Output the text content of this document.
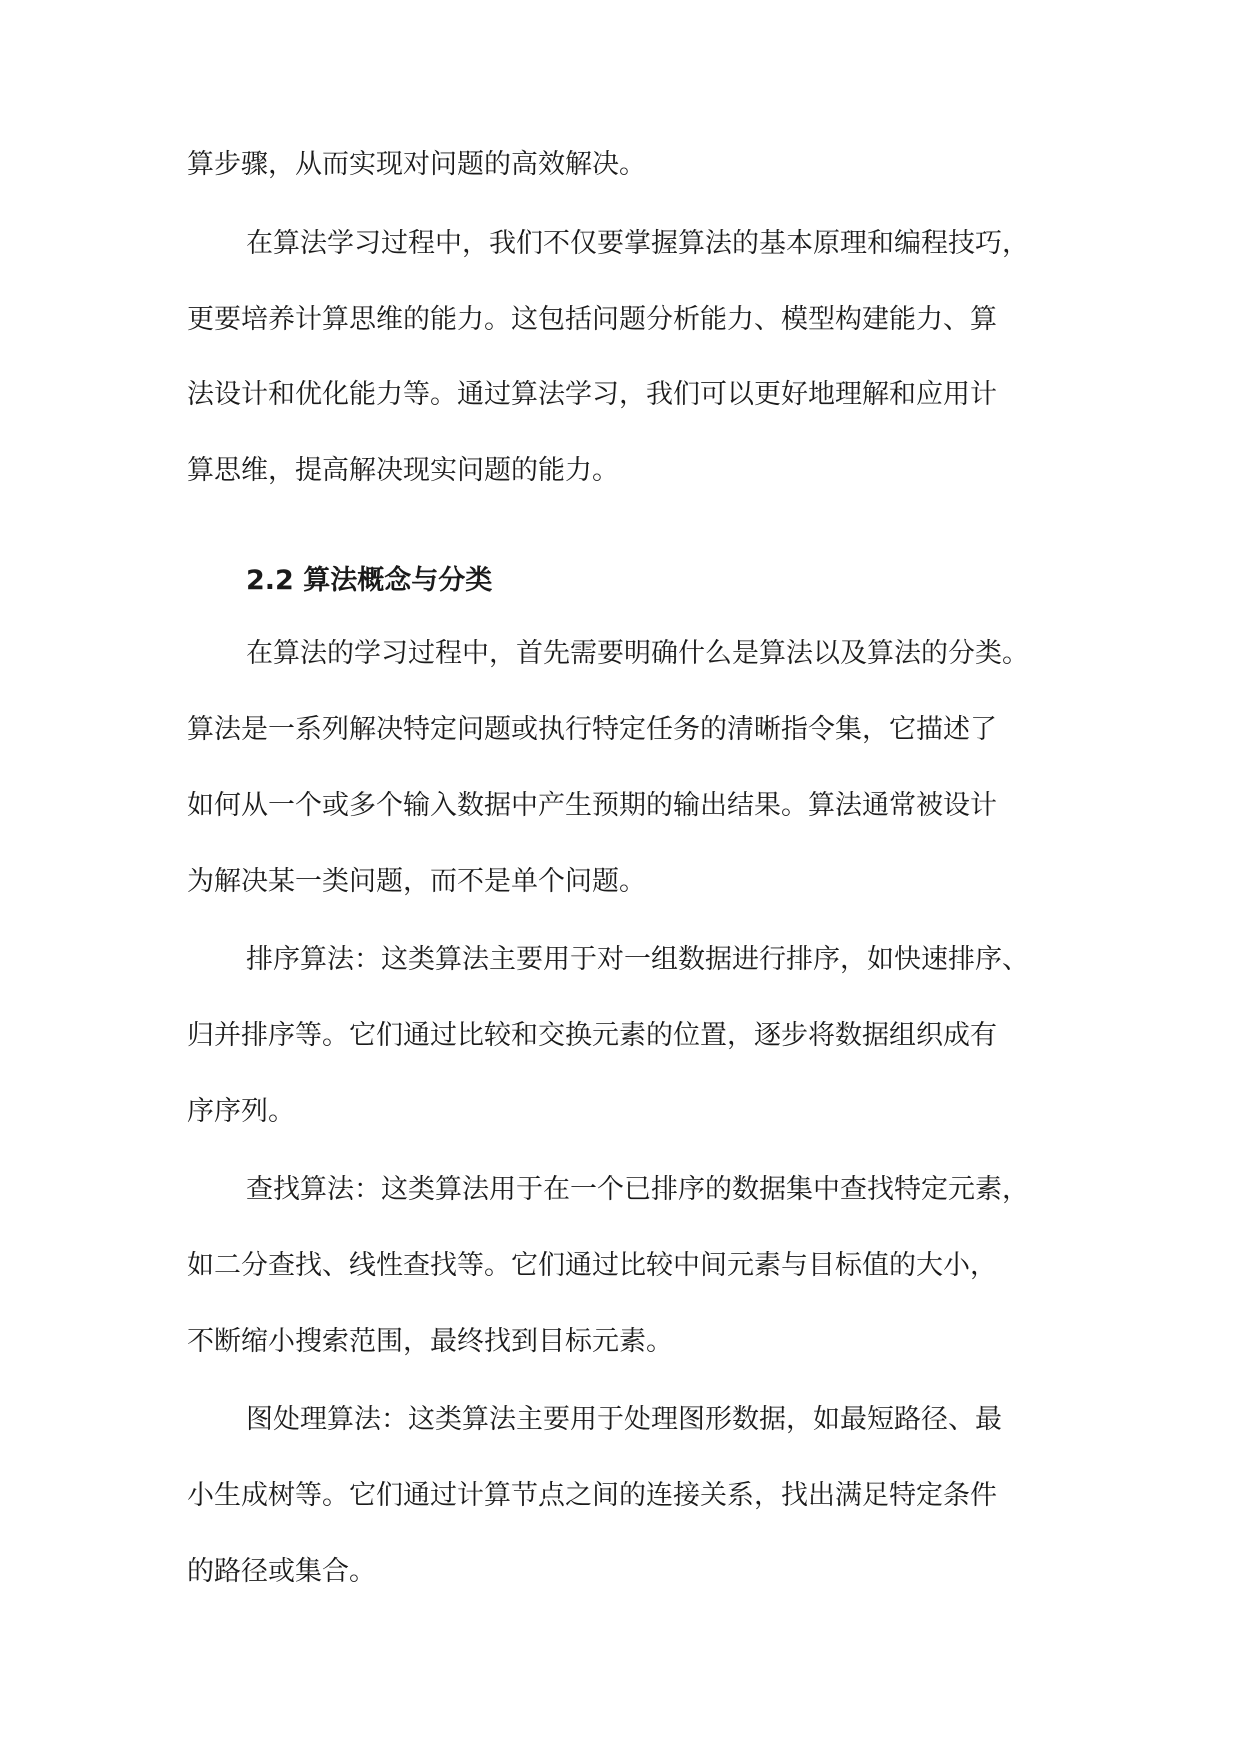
算步骤，从而实现对问题的高效解决。
在算法学习过程中，我们不仅要掌握算法的基本原理和编程技巧，
更要培养计算思维的能力。这包括问题分析能力、模型构建能力、算
法设计和优化能力等。通过算法学习，我们可以更好地理解和应用计
算思维，提高解决现实问题的能力。
2.2 算法概念与分类
在算法的学习过程中，首先需要明确什么是算法以及算法的分类。
算法是一系列解决特定问题或执行特定任务的清晰指令集，它描述了
如何从一个或多个输入数据中产生预期的输出结果。算法通常被设计
为解决某一类问题，而不是单个问题。
排序算法：这类算法主要用于对一组数据进行排序，如快速排序、
归并排序等。它们通过比较和交换元素的位置，逐步将数据组织成有
序序列。
查找算法：这类算法用于在一个已排序的数据集中查找特定元素，
如二分查找、线性查找等。它们通过比较中间元素与目标值的大小，
不断缩小搜索范围，最终找到目标元素。
图处理算法：这类算法主要用于处理图形数据，如最短路径、最
小生成树等。它们通过计算节点之间的连接关系，找出满足特定条件
的路径或集合。
